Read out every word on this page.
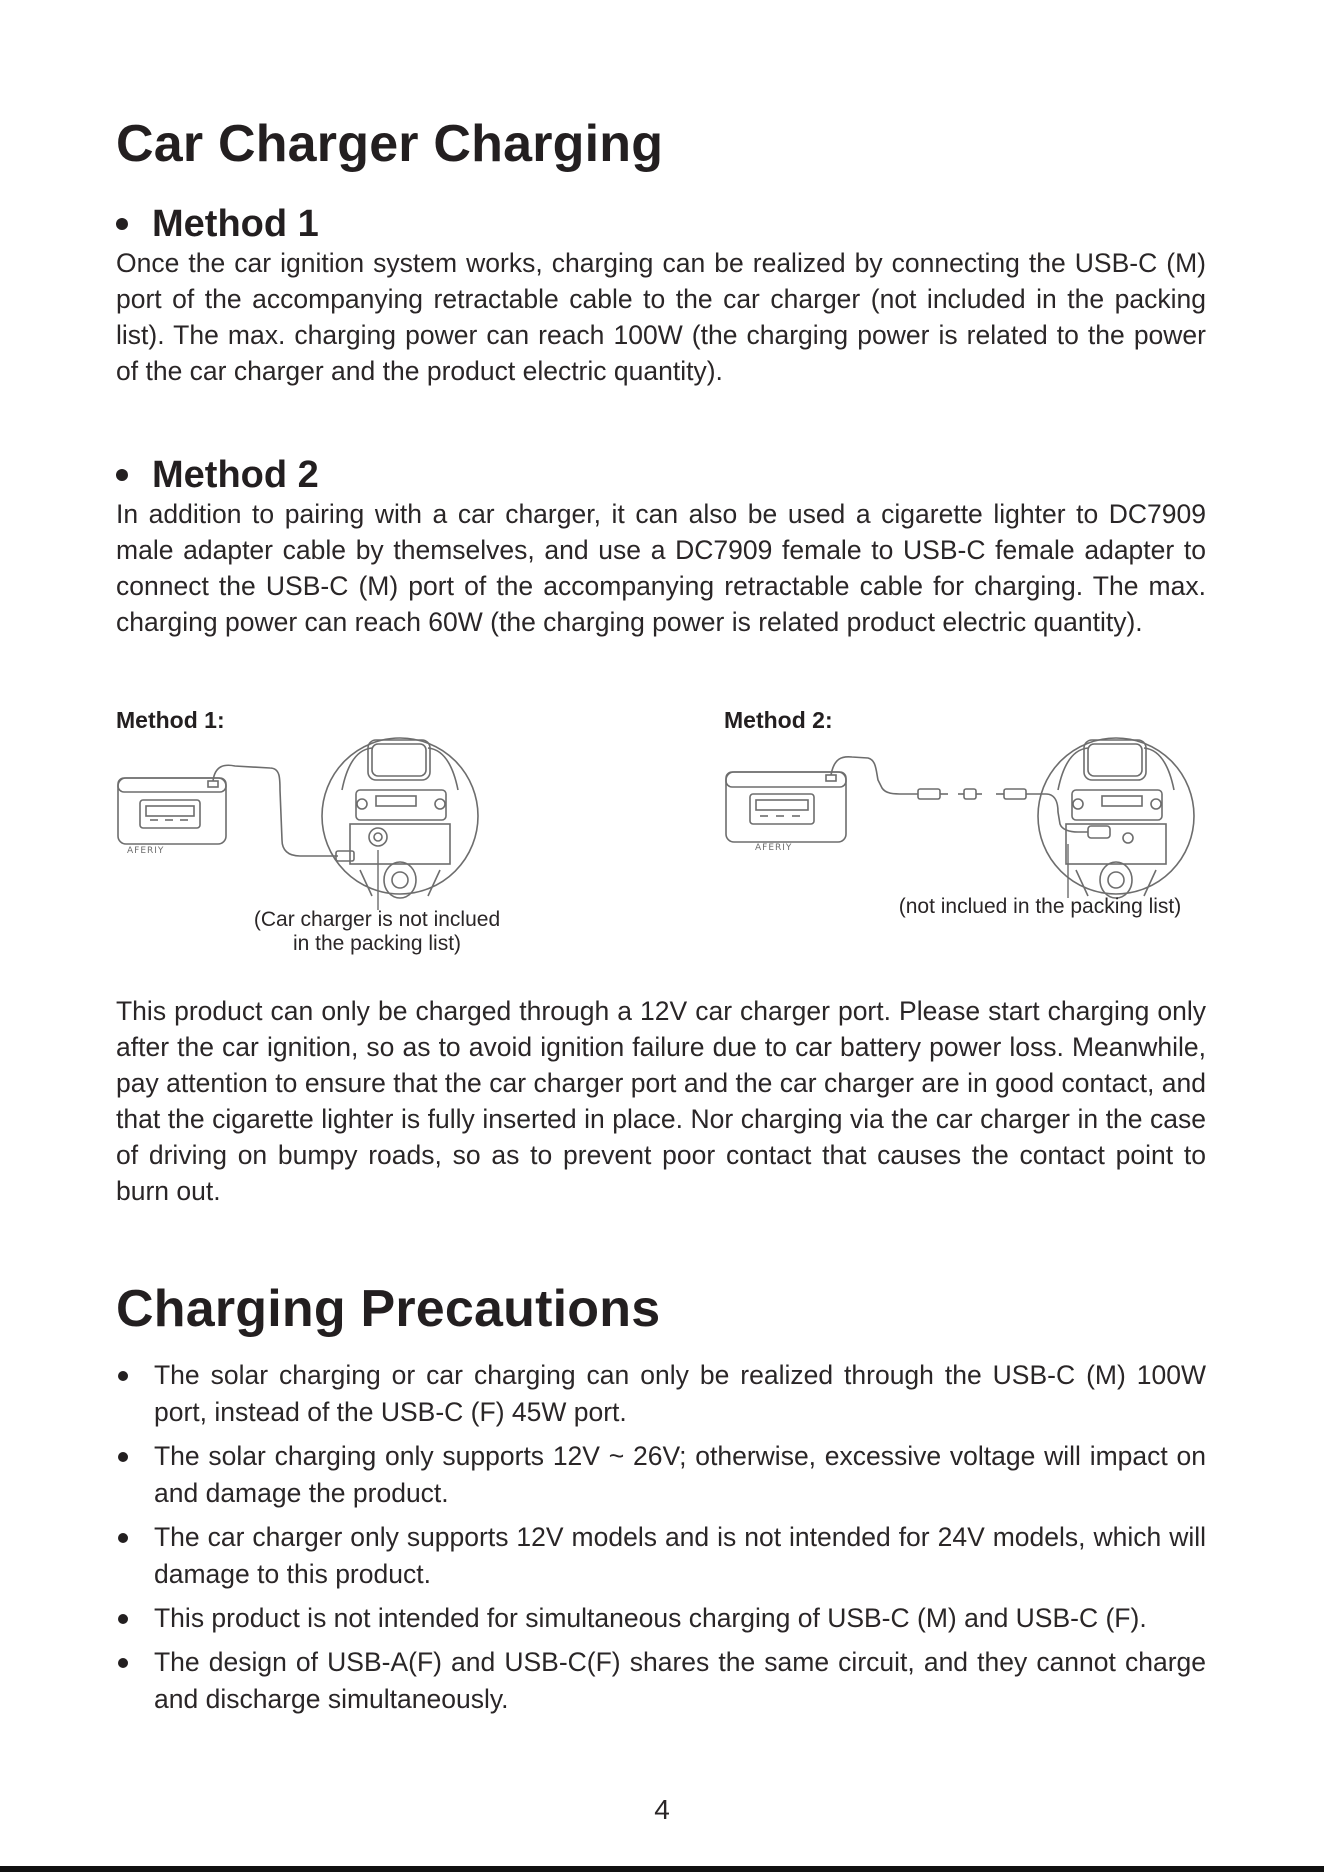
Car Charger Charging
Method 1

Once the car ignition system works, charging can be realized by connecting the USB-C (M) port of the accompanying retractable cable to the car charger (not included in the packing list). The max. charging power can reach 100W (the charging power is related to the power of the car charger and the product electric quantity).

Method 2

In addition to pairing with a car charger, it can also be used a cigarette lighter to DC7909 male adapter cable by themselves, and use a DC7909 female to USB-C female adapter to connect the USB-C (M) port of the accompanying retractable cable for charging. The max. charging power can reach 60W (the charging power is related product electric quantity).

Method 1:

AFERIY

(Car charger is not inclued
in the packing list)

Method 2:

AFERIY

(not inclued in the packing list)

This product can only be charged through a 12V car charger port. Please start charging only after the car ignition, so as to avoid ignition failure due to car battery power loss. Meanwhile, pay attention to ensure that the car charger port and the car charger are in good contact, and that the cigarette lighter is fully inserted in place. Nor charging via the car charger in the case of driving on bumpy roads, so as to prevent poor contact that causes the contact point to burn out.

Charging Precautions
The solar charging or car charging can only be realized through the USB-C (M) 100W port, instead of the USB-C (F) 45W port.
The solar charging only supports 12V ~ 26V; otherwise, excessive voltage will impact on and damage the product.
The car charger only supports 12V models and is not intended for 24V models, which will damage to this product.
This product is not intended for simultaneous charging of USB-C (M) and USB-C (F).
The design of USB-A(F) and USB-C(F) shares the same circuit, and they cannot charge and discharge simultaneously.

4
